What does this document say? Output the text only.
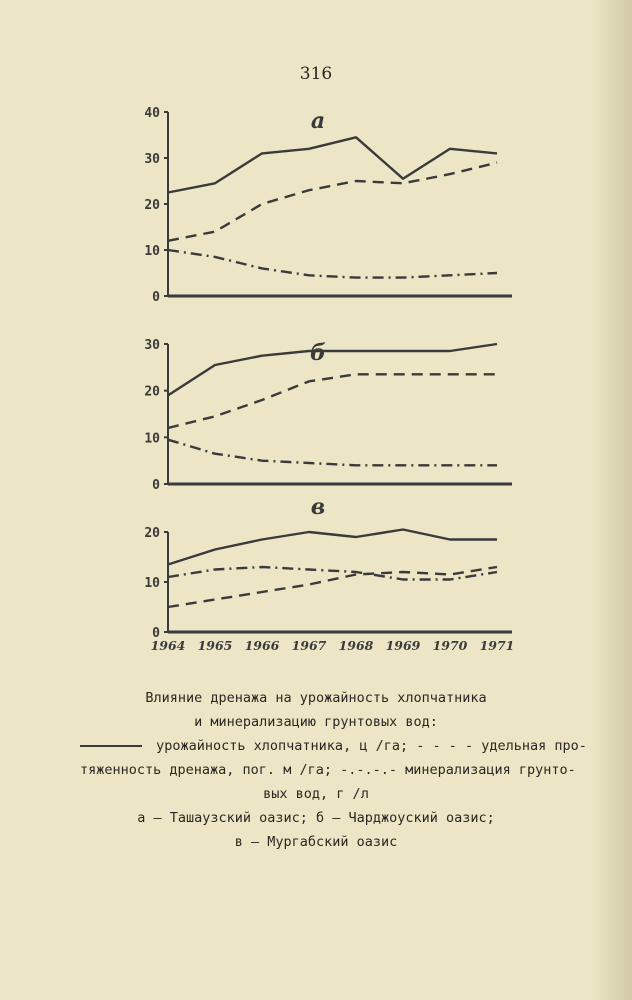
316
0
10
20
30
40	а
0
10
20
30	б
0
10
20
в
1964 1965 1966 1967 1968 1969 1970 1971
Влияние дренажа на урожайность хлопчатника
и минерализацию грунтовых вод:
урожайность хлопчатника, ц /га; - - - - удельная про-
тяженность дренажа, пог. м /га; -.-.-.- минерализация грунто-
вых вод, г /л
а – Ташаузский оазис; б – Чарджоуский оазис;
в – Мургабский оазис
